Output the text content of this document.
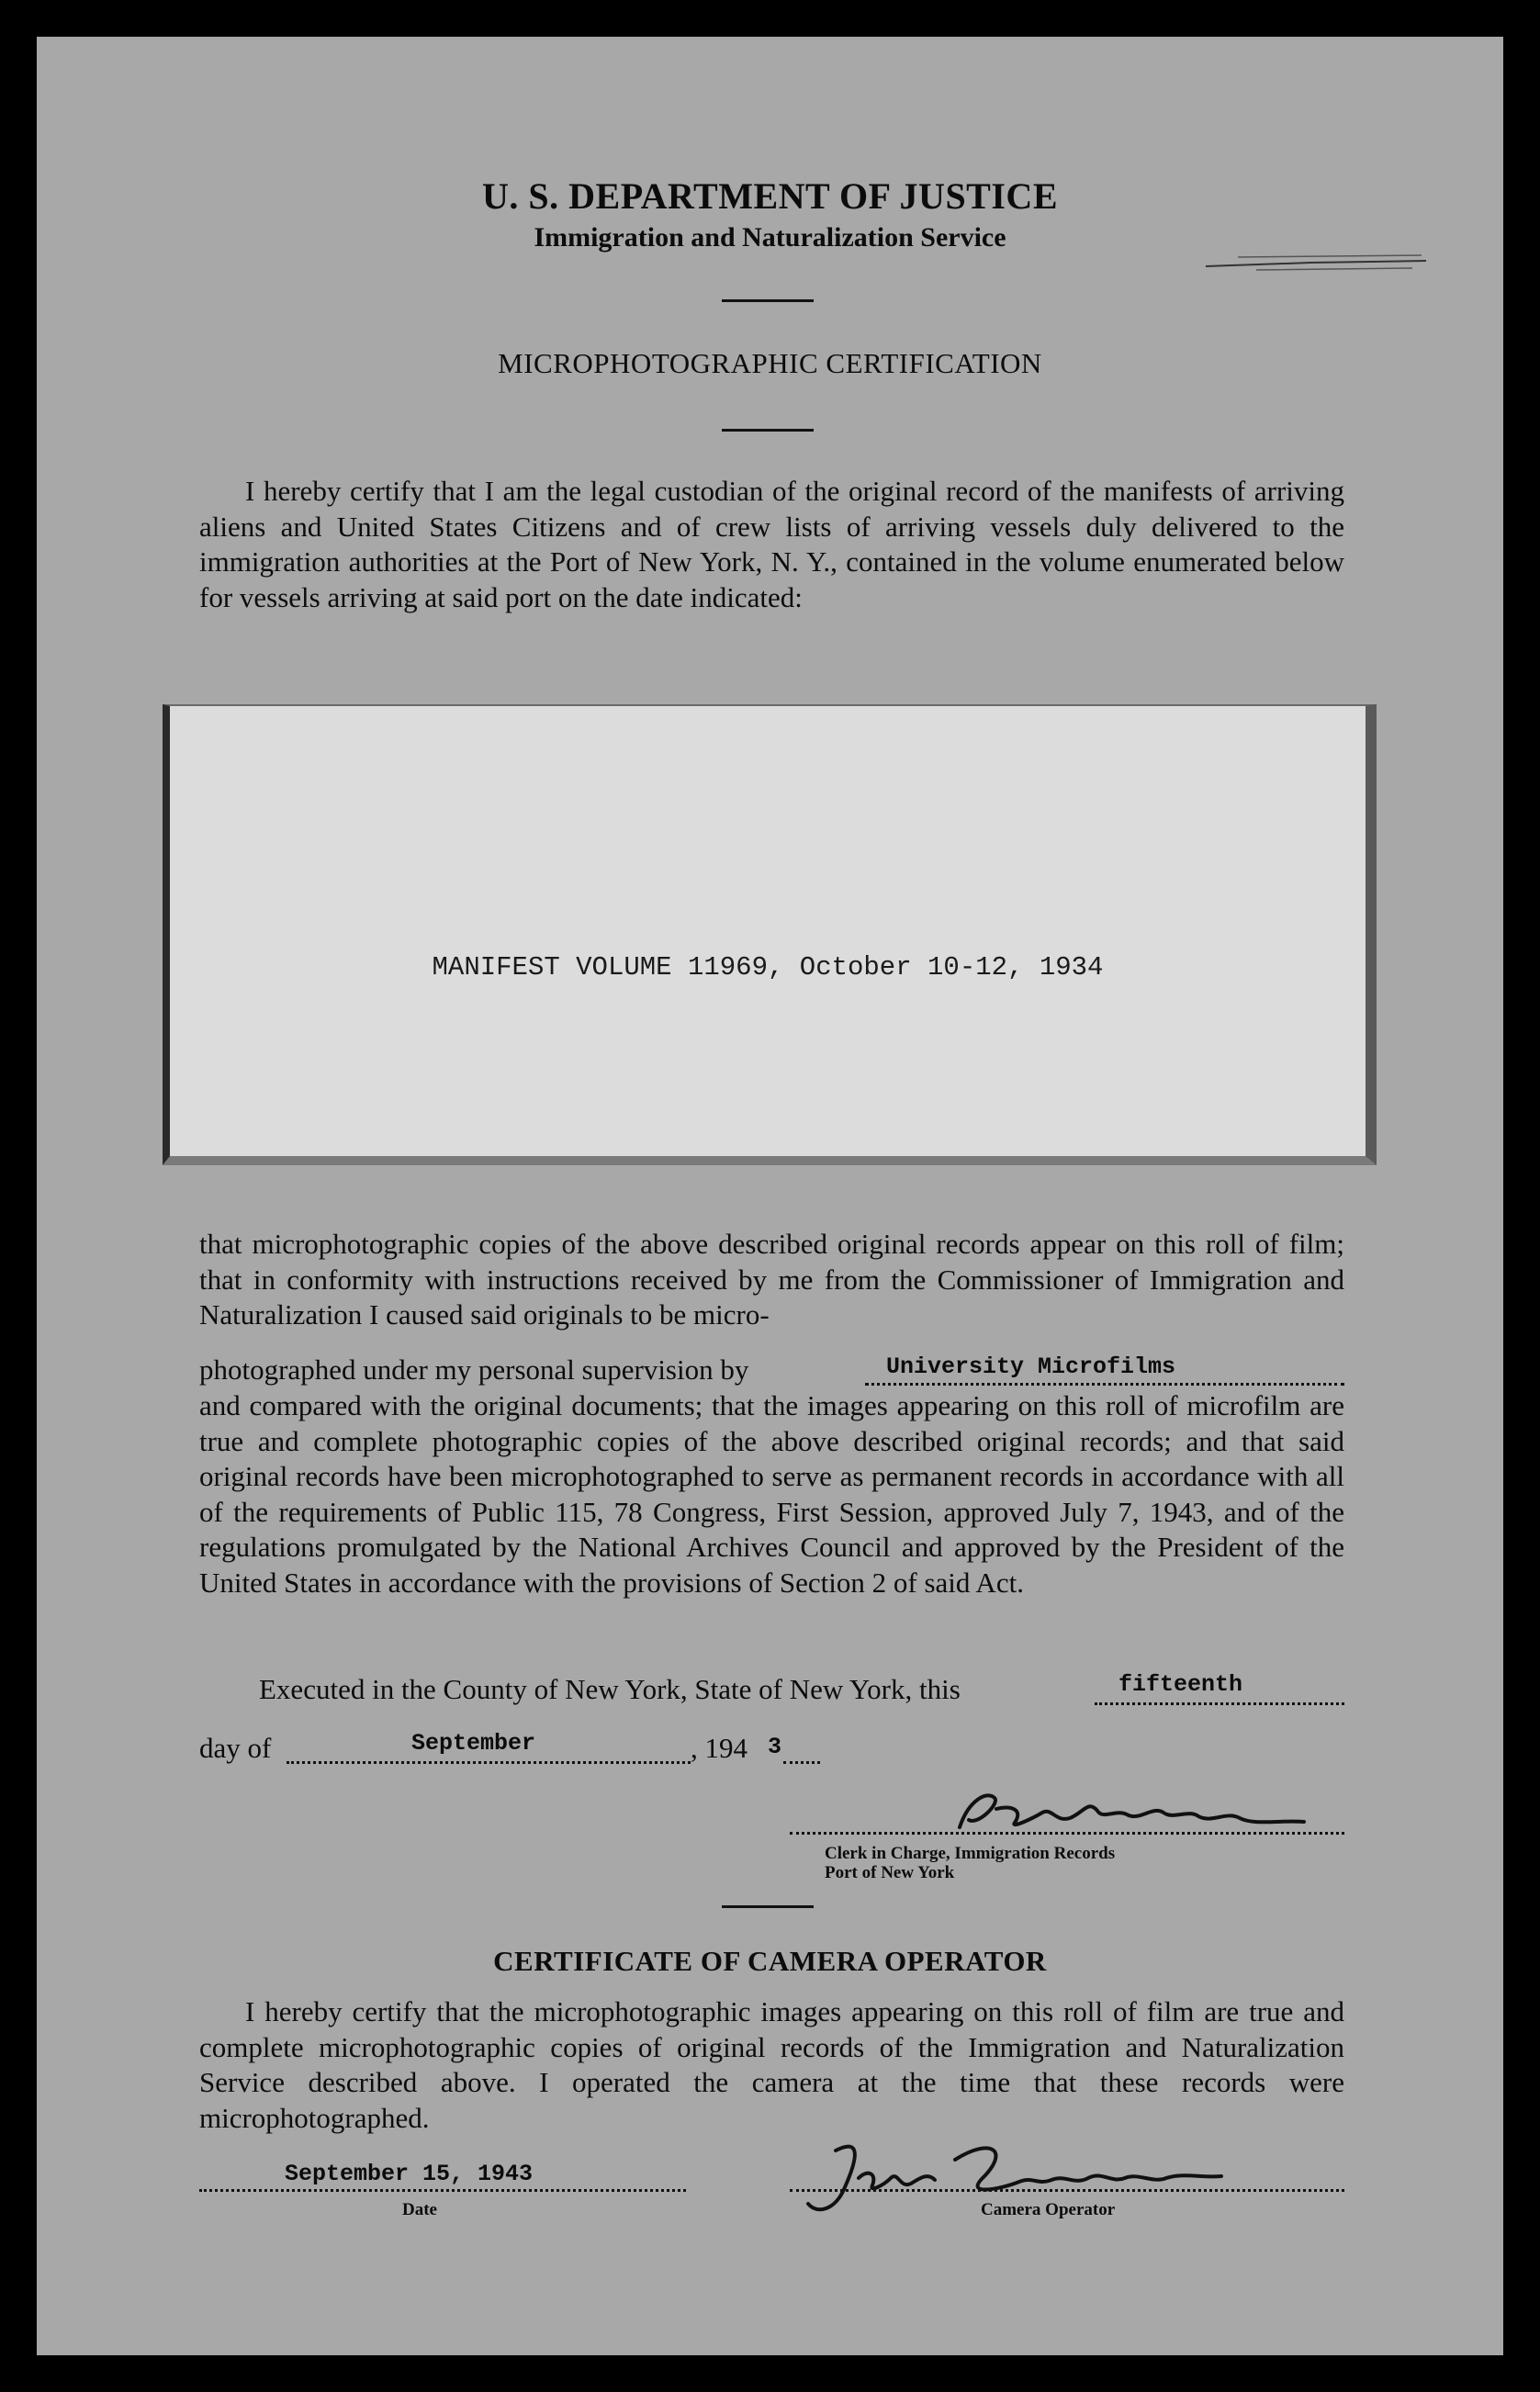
U. S. DEPARTMENT OF JUSTICE
Immigration and Naturalization Service
MICROPHOTOGRAPHIC CERTIFICATION
I hereby certify that I am the legal custodian of the original record of the manifests of arriving aliens and United States Citizens and of crew lists of arriving vessels duly delivered to the immigration authorities at the Port of New York, N. Y., contained in the volume enumerated below for vessels arriving at said port on the date indicated:
MANIFEST VOLUME 11969, October 10-12, 1934
that microphotographic copies of the above described original records appear on this roll of film; that in conformity with instructions received by me from the Commissioner of Immigration and Naturalization I caused said originals to be micro-
photographed under my personal supervision by	University Microfilms
and compared with the original documents; that the images appearing on this roll of microfilm are true and complete photographic copies of the above described original records; and that said original records have been microphotographed to serve as permanent records in accordance with all of the requirements of Public 115, 78 Congress, First Session, approved July 7, 1943, and of the regulations promulgated by the National Archives Council and approved by the President of the United States in accordance with the provisions of Section 2 of said Act.
Executed in the County of New York, State of New York, this	fifteenth
day of	September	, 194 3
Clerk in Charge, Immigration Records
Port of New York
CERTIFICATE OF CAMERA OPERATOR
I hereby certify that the microphotographic images appearing on this roll of film are true and complete microphotographic copies of original records of the Immigration and Naturalization Service described above. I operated the camera at the time that these records were microphotographed.
September 15, 1943
Date	Camera Operator
